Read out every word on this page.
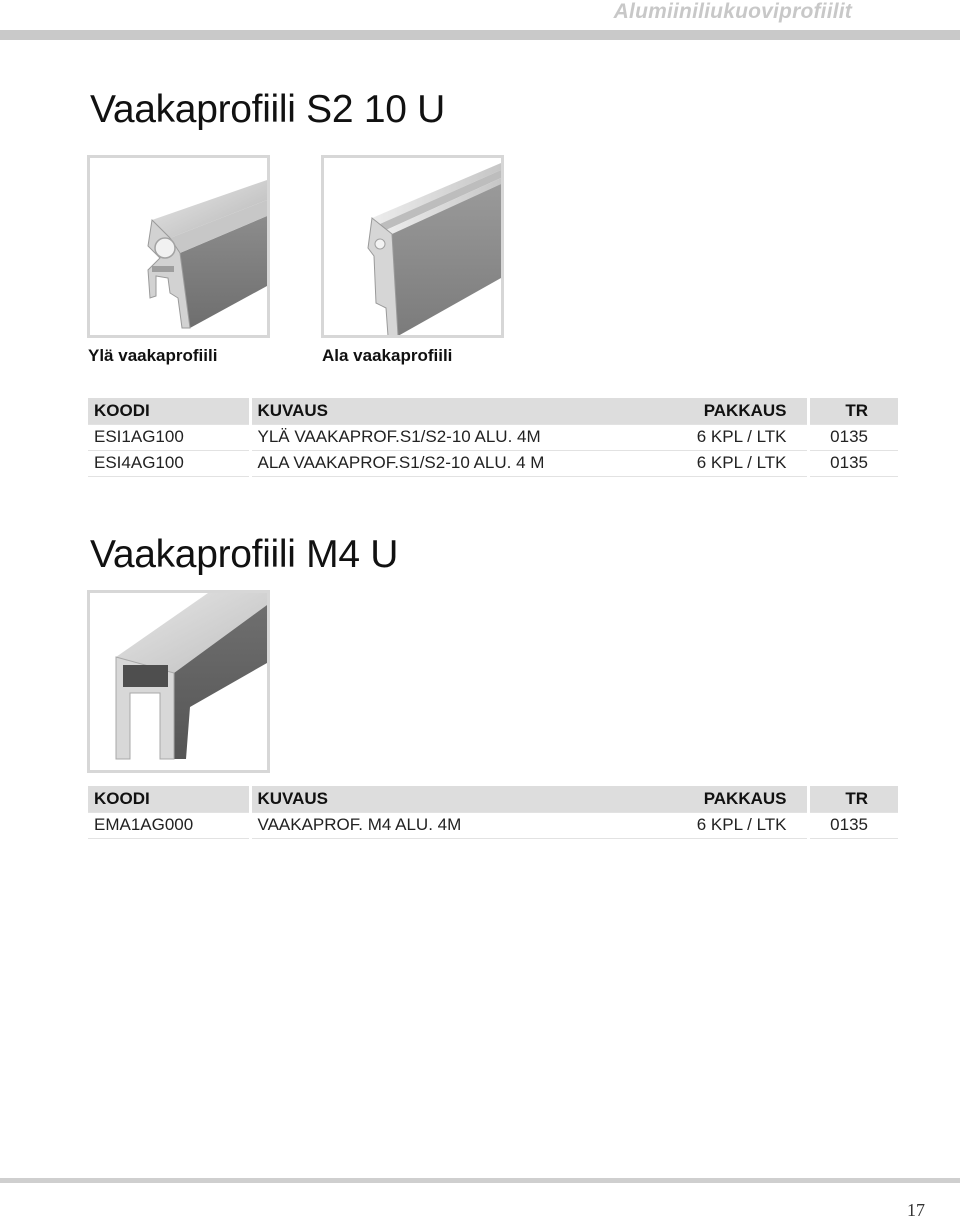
Alumiiniliukuoviprofiilit
Vaakaprofiili S2 10 U
Ylä vaakaprofiili	Ala vaakaprofiili
KOODI	KUVAUS	PAKKAUS	TR
ESI1AG100	YLÄ VAAKAPROF.S1/S2-10 ALU. 4M	6 KPL / LTK	0135
ESI4AG100	ALA VAAKAPROF.S1/S2-10 ALU. 4 M	6 KPL / LTK	0135
Vaakaprofiili M4 U
KOODI	KUVAUS	PAKKAUS	TR
EMA1AG000	VAAKAPROF. M4 ALU. 4M	6 KPL / LTK	0135
17
